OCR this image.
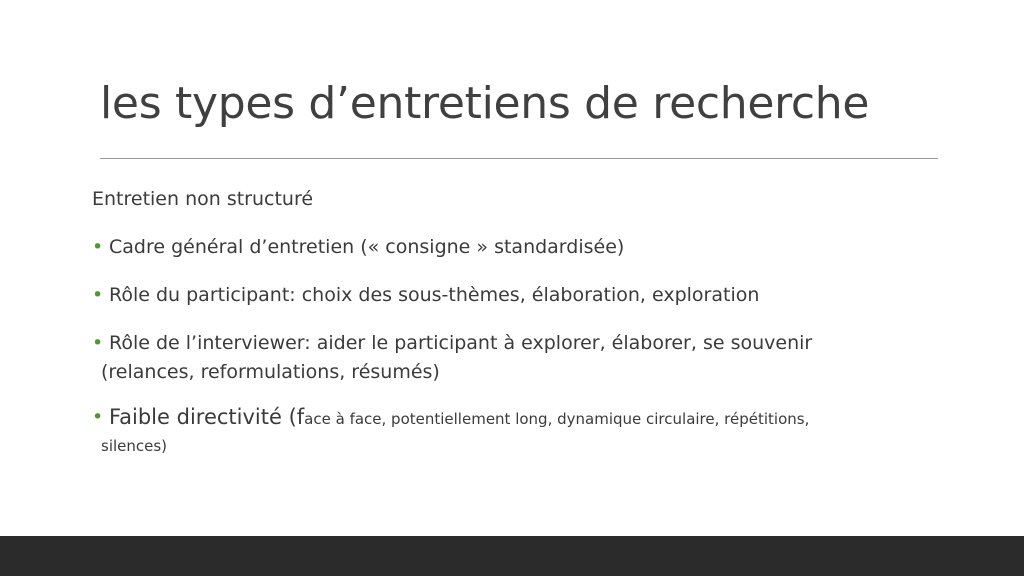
les types d’entretiens de recherche
Entretien non structuré
• Cadre général d’entretien (« consigne » standardisée)
• Rôle du participant: choix des sous-thèmes, élaboration, exploration
• Rôle de l’interviewer: aider le participant à explorer, élaborer, se souvenir
(relances, reformulations, résumés)
• Faible directivité (face à face, potentiellement long, dynamique circulaire, répétitions,
silences)
